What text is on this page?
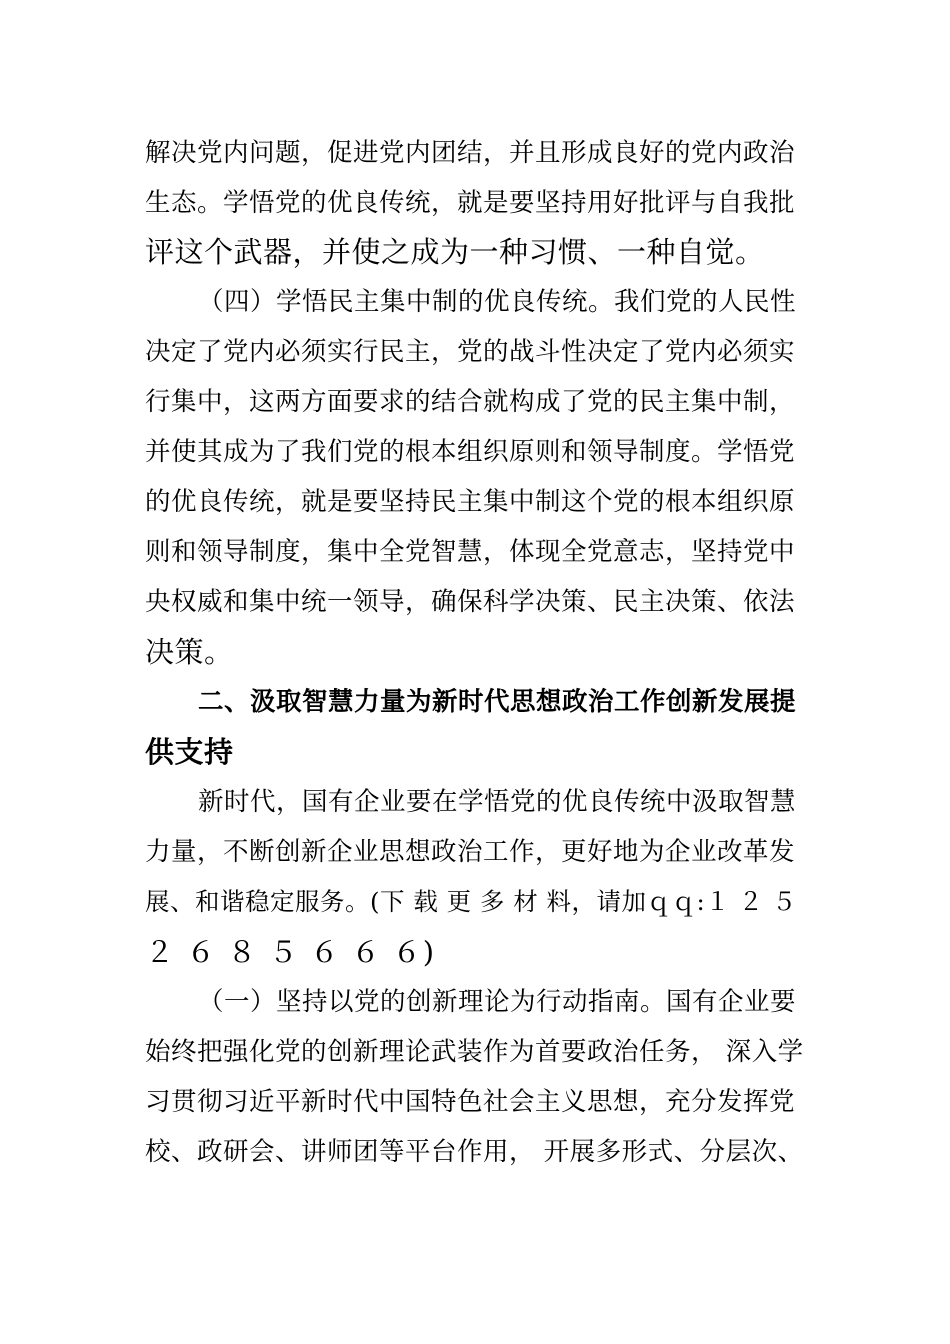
解决党内问题，促进党内团结，并且形成良好的党内政治
生态。学悟党的优良传统，就是要坚持用好批评与自我批
评这个武器，并使之成为一种习惯、一种自觉。
（四）学悟民主集中制的优良传统。我们党的人民性
决定了党内必须实行民主，党的战斗性决定了党内必须实
行集中，这两方面要求的结合就构成了党的民主集中制，
并使其成为了我们党的根本组织原则和领导制度。学悟党
的优良传统，就是要坚持民主集中制这个党的根本组织原
则和领导制度，集中全党智慧，体现全党意志，坚持党中
央权威和集中统一领导，确保科学决策、民主决策、依法
决策。
二、汲取智慧力量为新时代思想政治工作创新发展提
供支持
新时代，国有企业要在学悟党的优良传统中汲取智慧
力量，不断创新企业思想政治工作，更好地为企业改革发
展、和谐稳定服务。(下 载 更 多 材 料，请加ｑｑ:１ ２ ５
２ ６ ８ ５ ６ ６ ６)
（一）坚持以党的创新理论为行动指南。国有企业要
始终把强化党的创新理论武装作为首要政治任务， 深入学
习贯彻习近平新时代中国特色社会主义思想，充分发挥党
校、政研会、讲师团等平台作用， 开展多形式、分层次、
